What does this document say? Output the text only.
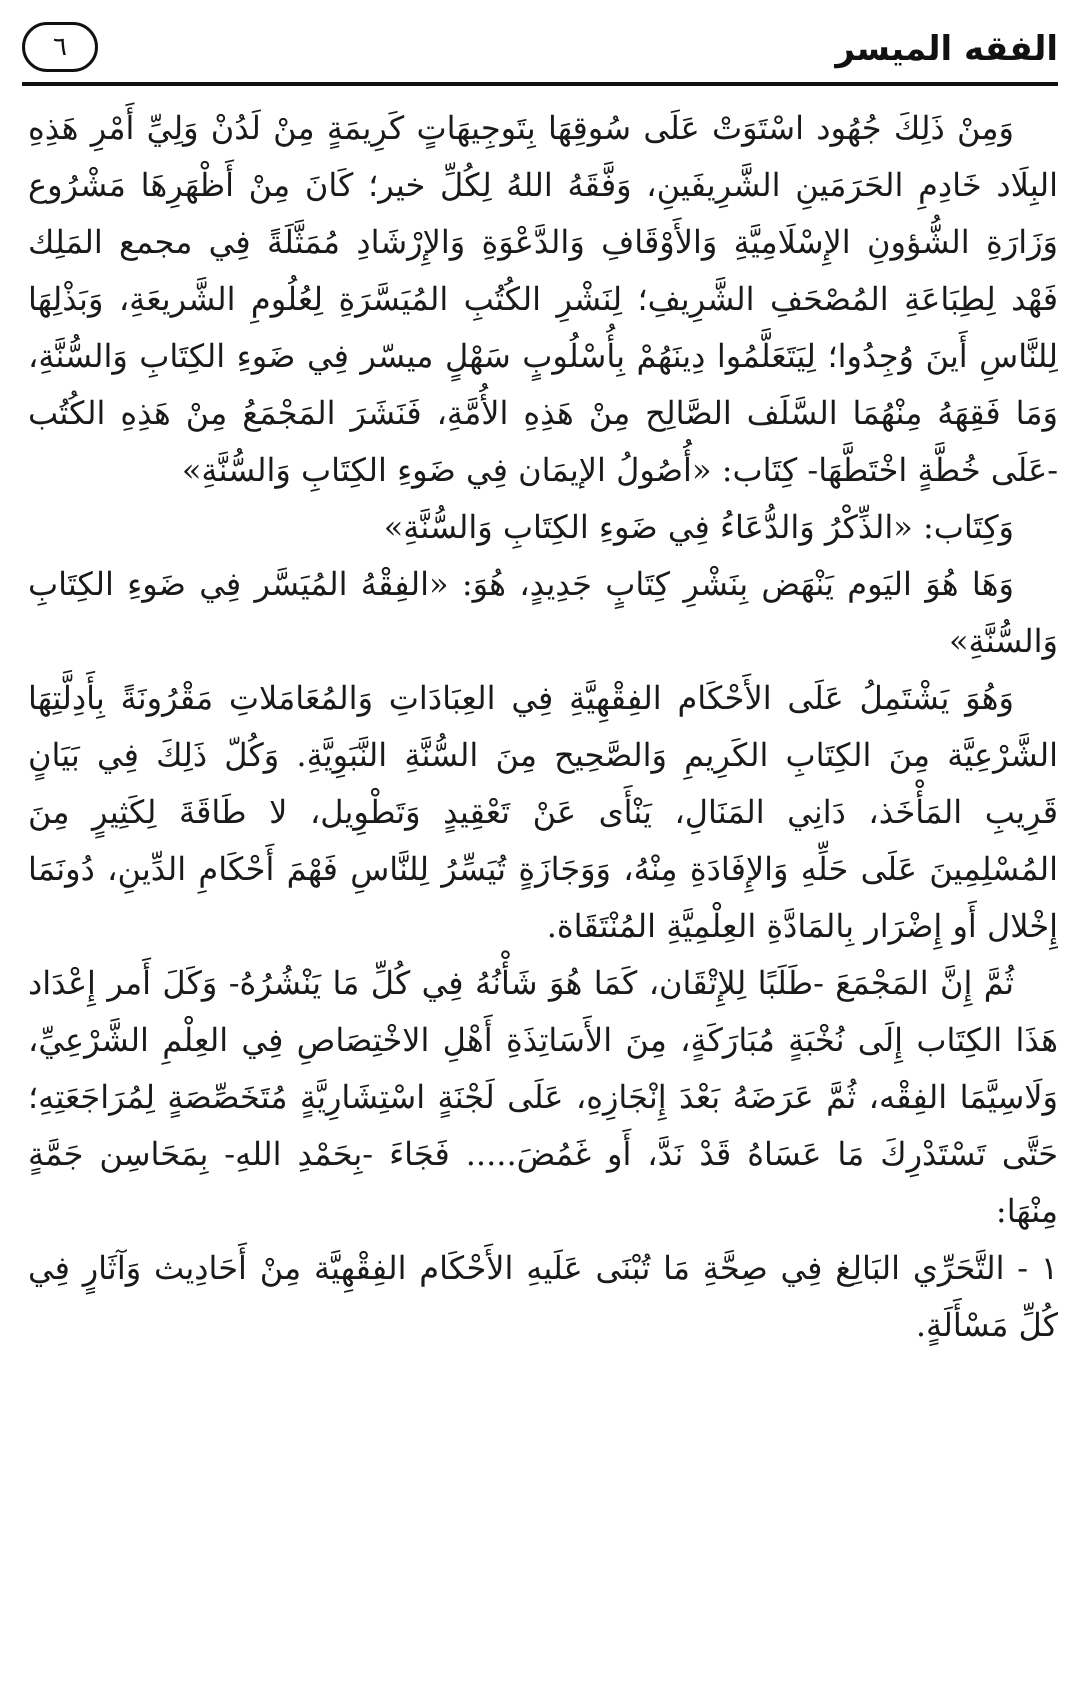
الفقه الميسر
٦

وَمِنْ ذَلِكَ جُهُود اسْتَوَتْ عَلَى سُوقِهَا بِتَوجِيهَاتٍ كَرِيمَةٍ مِنْ لَدُنْ وَلِيِّ أَمْرِ هَذِهِ البِلَاد خَادِمِ الحَرَمَينِ الشَّرِيفَينِ، وَفَّقَهُ اللهُ لِكُلِّ خير؛ كَانَ مِنْ أَظْهَرِهَا مَشْرُوع وَزَارَةِ الشُّؤونِ الإِسْلَامِيَّةِ وَالأَوْقَافِ وَالدَّعْوَةِ وَالإِرْشَادِ مُمَثَّلَةً فِي مجمع المَلِك فَهْد لِطِبَاعَةِ المُصْحَفِ الشَّرِيفِ؛ لِنَشْرِ الكُتُبِ المُيَسَّرَةِ لِعُلُومِ الشَّريعَةِ، وَبَذْلِهَا لِلنَّاسِ أَينَ وُجِدُوا؛ لِيَتَعَلَّمُوا دِينَهُمْ بِأُسْلُوبٍ سَهْلٍ ميسّر فِي ضَوءِ الكِتَابِ وَالسُّنَّةِ، وَمَا فَقِهَهُ مِنْهُمَا السَّلَف الصَّالِح مِنْ هَذِهِ الأُمَّةِ، فَنَشَرَ المَجْمَعُ مِنْ هَذِهِ الكُتُب -عَلَى خُطَّةٍ اخْتَطَّهَا- كِتَاب: «أُصُولُ الإيمَان فِي ضَوءِ الكِتَابِ وَالسُّنَّةِ»

وَكِتَاب: «الذِّكْرُ وَالدُّعَاءُ فِي ضَوءِ الكِتَابِ وَالسُّنَّةِ»

وَهَا هُوَ اليَوم يَنْهَض بِنَشْرِ كِتَابٍ جَدِيدٍ، هُوَ: «الفِقْهُ المُيَسَّر فِي ضَوءِ الكِتَابِ وَالسُّنَّةِ»

وَهُوَ يَشْتَمِلُ عَلَى الأَحْكَام الفِقْهِيَّةِ فِي العِبَادَاتِ وَالمُعَامَلاتِ مَقْرُونَةً بِأَدِلَّتِهَا الشَّرْعِيَّة مِنَ الكِتَابِ الكَرِيمِ وَالصَّحِيح مِنَ السُّنَّةِ النَّبَوِيَّةِ. وَكُلّ ذَلِكَ فِي بَيَانٍ قَرِيبِ المَأْخَذ، دَانِي المَنَالِ، يَنْأَى عَنْ تَعْقِيدٍ وَتَطْوِيل، لا طَاقَةَ لِكَثِيرٍ مِنَ المُسْلِمِينَ عَلَى حَلِّهِ وَالإِفَادَةِ مِنْهُ، وَوَجَازَةٍ تُيَسِّرُ لِلنَّاسِ فَهْمَ أَحْكَامِ الدِّينِ، دُونَمَا إِخْلال أَو إِضْرَار بِالمَادَّةِ العِلْمِيَّةِ المُنْتَقَاة.

ثُمَّ إِنَّ المَجْمَعَ -طَلَبًا لِلإِتْقَان، كَمَا هُوَ شَأْنُهُ فِي كُلِّ مَا يَنْشُرُهُ- وَكَلَ أَمر إِعْدَاد هَذَا الكِتَاب إِلَى نُخْبَةٍ مُبَارَكَةٍ، مِنَ الأَسَاتِذَةِ أَهْلِ الاخْتِصَاصِ فِي العِلْمِ الشَّرْعِيِّ، وَلَاسِيَّمَا الفِقْه، ثُمَّ عَرَضَهُ بَعْدَ إِنْجَازِهِ، عَلَى لَجْنَةٍ اسْتِشَارِيَّةٍ مُتَخَصِّصَةٍ لِمُرَاجَعَتِهِ؛ حَتَّى تَسْتَدْرِكَ مَا عَسَاهُ قَدْ نَدَّ، أَو غَمُضَ..... فَجَاءَ -بِحَمْدِ اللهِ- بِمَحَاسِن جَمَّةٍ مِنْهَا:

١ - التَّحَرِّي البَالِغ فِي صِحَّةِ مَا تُبْنَى عَلَيهِ الأَحْكَام الفِقْهِيَّة مِنْ أَحَادِيث وَآثَارٍ فِي كُلِّ مَسْأَلَةٍ.
